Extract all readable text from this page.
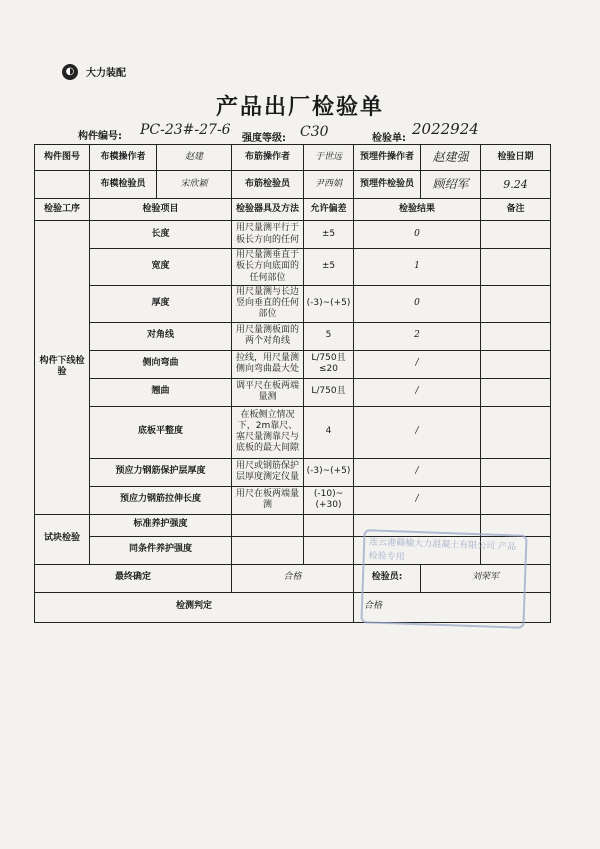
◐	大力装配
产品出厂检验单
构件编号: PC-23#-27-6
强度等级: C30	检验单:
2022924
构件图号	布模操作者	赵建	布筋操作者	于世远	预埋件操作者	赵建强	检验日期
	布模检验员	宋欣颖	布筋检验员	尹西娟	预埋件检验员	顾绍军	9.24
检验工序	检验项目		检验器具及方法	允许偏差	检验结果		备注
构件下线检验	长度		用尺量测平行于板长方向的任何	±5	0		
	宽度		用尺量测垂直于板长方向底面的任何部位	±5	1		
	厚度		用尺量测与长边竖向垂直的任何部位	(-3)~(+5)	0		
	对角线		用尺量测板面的两个对角线	5	2		
	侧向弯曲		拉线，用尺量测侧向弯曲最大处	L/750且≤20	/		
	翘曲		调平尺在板两端量测	L/750且	/		
	底板平整度		在板侧立情况下，2m靠尺、塞尺量测靠尺与底板的最大间隙	4	/		
	预应力钢筋保护层厚度		用尺或钢筋保护层厚度测定仪量	(-3)~(+5)	/		
	预应力钢筋拉伸长度		用尺在板两端量测	(-10)~(+30)	/		
试块检验	标准养护强度						
	同条件养护强度						
最终确定			合格		检验员:	刘荣军	
检测判定					合格		
连云港赣榆大力混凝土有限公司 产品检验专用
